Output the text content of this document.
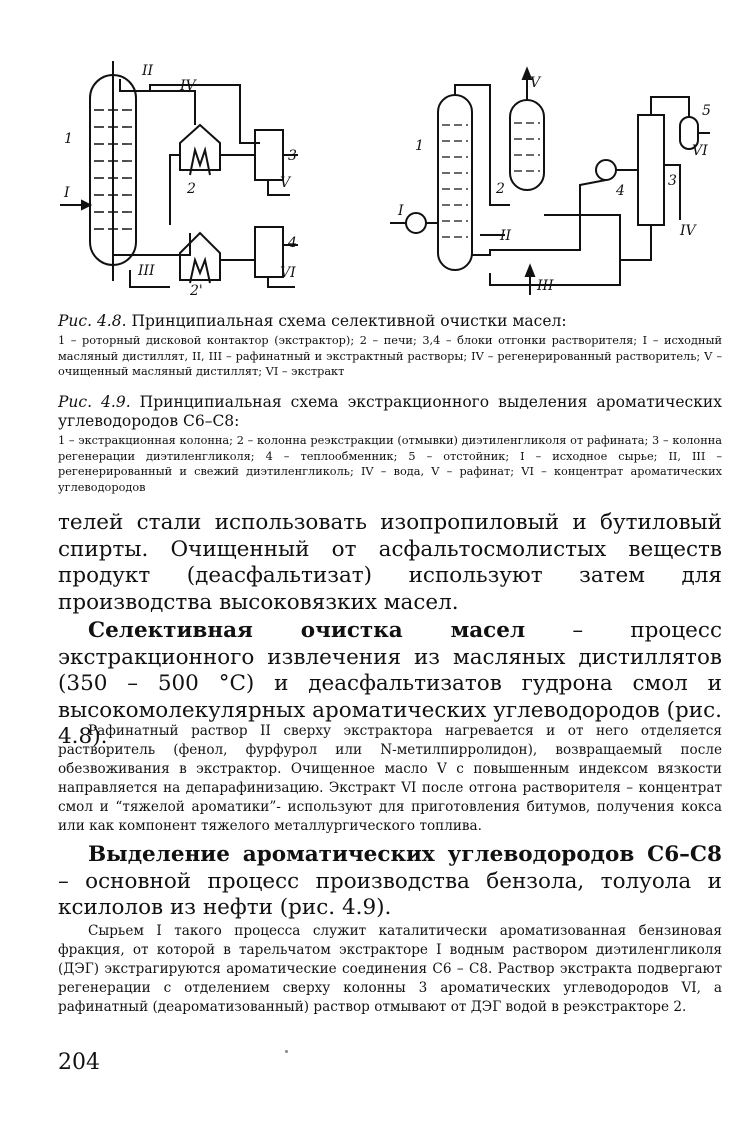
II
IV
1
3
I	2	V
4
III
2'
VI
V
5
1	VI
3
2	4
I
II	IV
III

Рис. 4.8. Принципиальная схема селективной очистки масел:

1 – роторный дисковой контактор (экстрактор); 2 – печи; 3,4 – блоки отгонки растворителя; I – исходный масляный дистиллят, II, III – рафинатный и экстрактный растворы; IV – регенерированный растворитель; V – очищенный масляный дистиллят; VI – экстракт

Рис. 4.9. Принципиальная схема экстракционного выделения ароматических углеводородов С6–С8:

1 – экстракционная колонна; 2 – колонна реэкстракции (отмывки) диэтиленгликоля от рафината; 3 – колонна регенерации диэтиленгликоля; 4 – теплообменник; 5 – отстойник; I – исходное сырье; II, III – регенерированный и свежий диэтиленгликоль; IV – вода, V – рафинат; VI – концентрат ароматических углеводородов

телей стали использовать изопропиловый и бутиловый спирты. Очищенный от асфальтосмолистых веществ продукт (деасфальтизат) используют затем для производства высоковязких масел.

Селективная очистка масел – процесс экстракционного извлечения из масляных дистиллятов (350 – 500 °С) и деасфальтизатов гудрона смол и высокомолекулярных ароматических углеводородов (рис. 4.8).

Рафинатный раствор II сверху экстрактора нагревается и от него отделяется растворитель (фенол, фурфурол или N-метилпирролидон), возвращаемый после обезвоживания в экстрактор. Очищенное масло V с повышенным индексом вязкости направляется на депарафинизацию. Экстракт VI после отгона растворителя – концентрат смол и “тяжелой ароматики”- используют для приготовления битумов, получения кокса или как компонент тяжелого металлургического топлива.

Выделение ароматических углеводородов С6–С8 – основной процесс производства бензола, толуола и ксилолов из нефти (рис. 4.9).

Сырьем I такого процесса служит каталитически ароматизованная бензиновая фракция, от которой в тарельчатом экстракторе I водным раствором диэтиленгликоля (ДЭГ) экстрагируются ароматические соединения С6 – С8. Раствор экстракта подвергают регенерации с отделением сверху колонны 3 ароматических углеводородов VI, а рафинатный (деароматизованный) раствор отмывают от ДЭГ водой в реэкстракторе 2.

204
